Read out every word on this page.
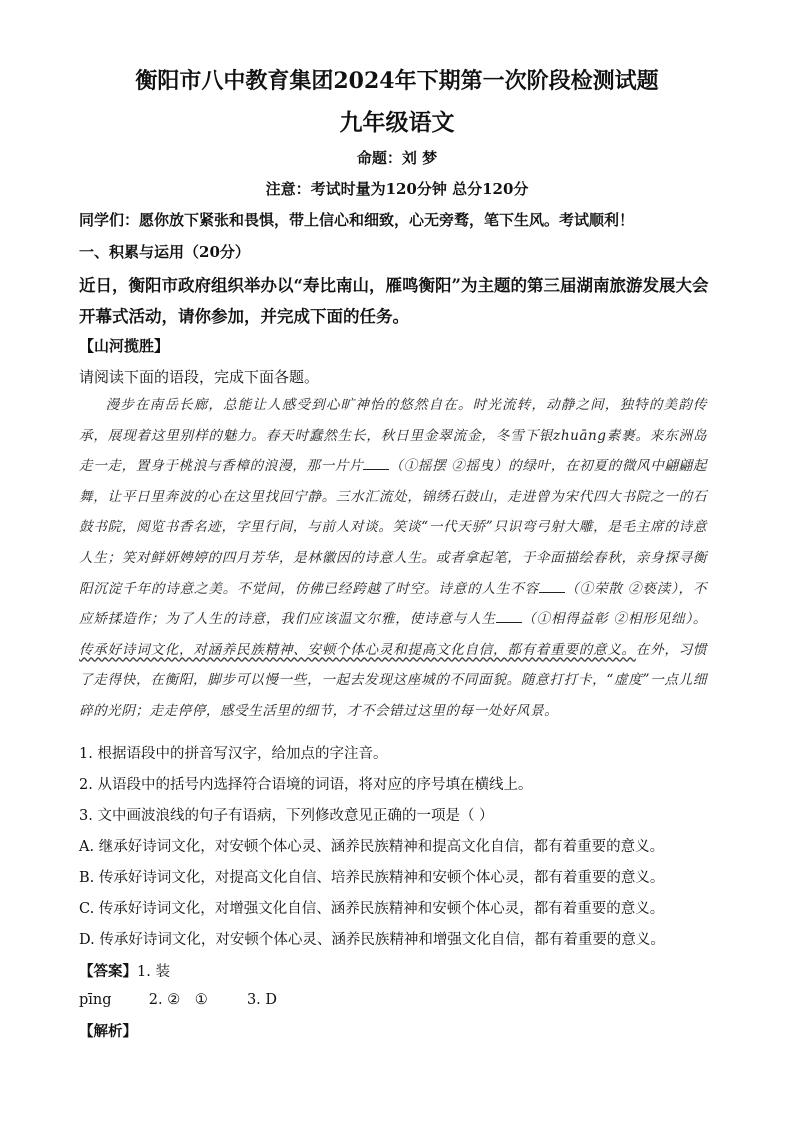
衡阳市八中教育集团2024年下期第一次阶段检测试题
九年级语文
命题：刘 梦
注意：考试时量为120分钟 总分120分
同学们：愿你放下紧张和畏惧，带上信心和细致，心无旁骛，笔下生风。考试顺利！
一、积累与运用（20分）
近日，衡阳市政府组织举办以“寿比南山，雁鸣衡阳”为主题的第三届湖南旅游发展大会
开幕式活动，请你参加，并完成下面的任务。
【山河揽胜】
请阅读下面的语段，完成下面各题。
漫步在南岳长廊，总能让人感受到心旷神怡的悠然自在。时光流转，动静之间，独特的美韵传承，展现着这里别样的魅力。春天时蠢然生长，秋日里金翠流金，冬雪下银zhuāng素裹。来东洲岛走一走，置身于桃浪与香樟的浪漫，那一片片 （①摇摆 ②摇曳）的绿叶，在初夏的微风中翩翩起舞，让平日里奔波的心在这里找回宁静。三水汇流处，锦绣石鼓山，走进曾为宋代四大书院之一的石鼓书院，阅览书香名迹，字里行间，与前人对谈。笑谈“一代天骄”只识弯弓射大雕，是毛主席的诗意人生；笑对鲜妍娉婷的四月芳华，是林徽因的诗意人生。或者拿起笔，于伞面描绘春秋，亲身探寻衡阳沉淀千年的诗意之美。不觉间，仿佛已经跨越了时空。诗意的人生不容 （①荣散 ②亵渎），不应矫揉造作；为了人生的诗意，我们应该温文尔雅，使诗意与人生 （①相得益彰 ②相形见绌）。传承好诗词文化，对涵养民族精神、安顿个体心灵和提高文化自信，都有着重要的意义。在外，习惯了走得快，在衡阳，脚步可以慢一些，一起去发现这座城的不同面貌。随意打打卡，“虚度”一点儿细碎的光阴；走走停停，感受生活里的细节，才不会错过这里的每一处好风景。
1. 根据语段中的拼音写汉字，给加点的字注音。
2. 从语段中的括号内选择符合语境的词语，将对应的序号填在横线上。
3. 文中画波浪线的句子有语病，下列修改意见正确的一项是（ ）
A. 继承好诗词文化，对安顿个体心灵、涵养民族精神和提高文化自信，都有着重要的意义。
B. 传承好诗词文化，对提高文化自信、培养民族精神和安顿个体心灵，都有着重要的意义。
C. 传承好诗词文化，对增强文化自信、涵养民族精神和安顿个体心灵，都有着重要的意义。
D. 传承好诗词文化，对安顿个体心灵、涵养民族精神和增强文化自信，都有着重要的意义。
【答案】1. 装
pīng	2. ②　①	3. D
【解析】
